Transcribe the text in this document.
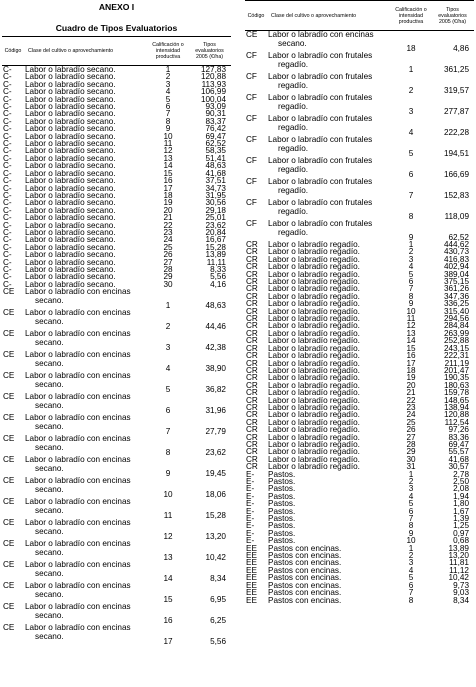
ANEXO I
Cuadro de Tipos Evaluatorios
Código	Clase del cultivo o aprovechamiento	Calificación o intensidad productiva	Tipos evaluatorios 2005 (€/ha)
C-	Labor o labradío secano.	1	127,83
C-	Labor o labradío secano.	2	120,88
C-	Labor o labradío secano.	3	113,93
C-	Labor o labradío secano.	4	106,99
C-	Labor o labradío secano.	5	100,04
C-	Labor o labradío secano.	6	93,09
C-	Labor o labradío secano.	7	90,31
C-	Labor o labradío secano.	8	83,37
C-	Labor o labradío secano.	9	76,42
C-	Labor o labradío secano.	10	69,47
C-	Labor o labradío secano.	11	62,52
C-	Labor o labradío secano.	12	58,35
C-	Labor o labradío secano.	13	51,41
C-	Labor o labradío secano.	14	48,63
C-	Labor o labradío secano.	15	41,68
C-	Labor o labradío secano.	16	37,51
C-	Labor o labradío secano.	17	34,73
C-	Labor o labradío secano.	18	31,95
C-	Labor o labradío secano.	19	30,56
C-	Labor o labradío secano.	20	29,18
C-	Labor o labradío secano.	21	25,01
C-	Labor o labradío secano.	22	23,62
C-	Labor o labradío secano.	23	20,84
C-	Labor o labradío secano.	24	16,67
C-	Labor o labradío secano.	25	15,28
C-	Labor o labradío secano.	26	13,89
C-	Labor o labradío secano.	27	11,11
C-	Labor o labradío secano.	28	8,33
C-	Labor o labradío secano.	29	5,56
C-	Labor o labradío secano.	30	4,16
CE	Labor o labradío con encinas
secano.	1	48,63
CE	Labor o labradío con encinas
secano.	2	44,46
CE	Labor o labradío con encinas
secano.	3	42,38
CE	Labor o labradío con encinas
secano.	4	38,90
CE	Labor o labradío con encinas
secano.	5	36,82
CE	Labor o labradío con encinas
secano.	6	31,96
CE	Labor o labradío con encinas
secano.	7	27,79
CE	Labor o labradío con encinas
secano.	8	23,62
CE	Labor o labradío con encinas
secano.	9	19,45
CE	Labor o labradío con encinas
secano.	10	18,06
CE	Labor o labradío con encinas
secano.	11	15,28
CE	Labor o labradío con encinas
secano.	12	13,20
CE	Labor o labradío con encinas
secano.	13	10,42
CE	Labor o labradío con encinas
secano.	14	8,34
CE	Labor o labradío con encinas
secano.	15	6,95
CE	Labor o labradío con encinas
secano.	16	6,25
CE	Labor o labradío con encinas
secano.	17	5,56
Código	Clase del cultivo o aprovechamiento	Calificación o intensidad productiva	Tipos evaluatorios 2005 (€/ha)
CE	Labor o labradío con encinas
secano.	18	4,86
CF	Labor o labradío con frutales
regadío.	1	361,25
CF	Labor o labradío con frutales
regadío.	2	319,57
CF	Labor o labradío con frutales
regadío.	3	277,87
CF	Labor o labradío con frutales
regadío.	4	222,28
CF	Labor o labradío con frutales
regadío.	5	194,51
CF	Labor o labradío con frutales
regadío.	6	166,69
CF	Labor o labradío con frutales
regadío.	7	152,83
CF	Labor o labradío con frutales
regadío.	8	118,09
CF	Labor o labradío con frutales
regadío.	9	62,52
CR	Labor o labradío regadío.	1	444,62
CR	Labor o labradío regadío.	2	430,73
CR	Labor o labradío regadío.	3	416,83
CR	Labor o labradío regadío.	4	402,94
CR	Labor o labradío regadío.	5	389,04
CR	Labor o labradío regadío.	6	375,15
CR	Labor o labradío regadío.	7	361,26
CR	Labor o labradío regadío.	8	347,36
CR	Labor o labradío regadío.	9	336,25
CR	Labor o labradío regadío.	10	315,40
CR	Labor o labradío regadío.	11	294,56
CR	Labor o labradío regadío.	12	284,84
CR	Labor o labradío regadío.	13	263,99
CR	Labor o labradío regadío.	14	252,88
CR	Labor o labradío regadío.	15	243,15
CR	Labor o labradío regadío.	16	222,31
CR	Labor o labradío regadío.	17	211,19
CR	Labor o labradío regadío.	18	201,47
CR	Labor o labradío regadío.	19	190,35
CR	Labor o labradío regadío.	20	180,63
CR	Labor o labradío regadío.	21	159,78
CR	Labor o labradío regadío.	22	148,65
CR	Labor o labradío regadío.	23	138,94
CR	Labor o labradío regadío.	24	120,88
CR	Labor o labradío regadío.	25	112,54
CR	Labor o labradío regadío.	26	97,26
CR	Labor o labradío regadío.	27	83,36
CR	Labor o labradío regadío.	28	69,47
CR	Labor o labradío regadío.	29	55,57
CR	Labor o labradío regadío.	30	41,68
CR	Labor o labradío regadío.	31	30,57
E-	Pastos.	1	2,78
E-	Pastos.	2	2,50
E-	Pastos.	3	2,08
E-	Pastos.	4	1,94
E-	Pastos.	5	1,80
E-	Pastos.	6	1,67
E-	Pastos.	7	1,39
E-	Pastos.	8	1,25
E-	Pastos.	9	0,97
E-	Pastos.	10	0,68
EE	Pastos con encinas.	1	13,89
EE	Pastos con encinas.	2	13,20
EE	Pastos con encinas.	3	11,81
EE	Pastos con encinas.	4	11,12
EE	Pastos con encinas.	5	10,42
EE	Pastos con encinas.	6	9,73
EE	Pastos con encinas.	7	9,03
EE	Pastos con encinas.	8	8,34
